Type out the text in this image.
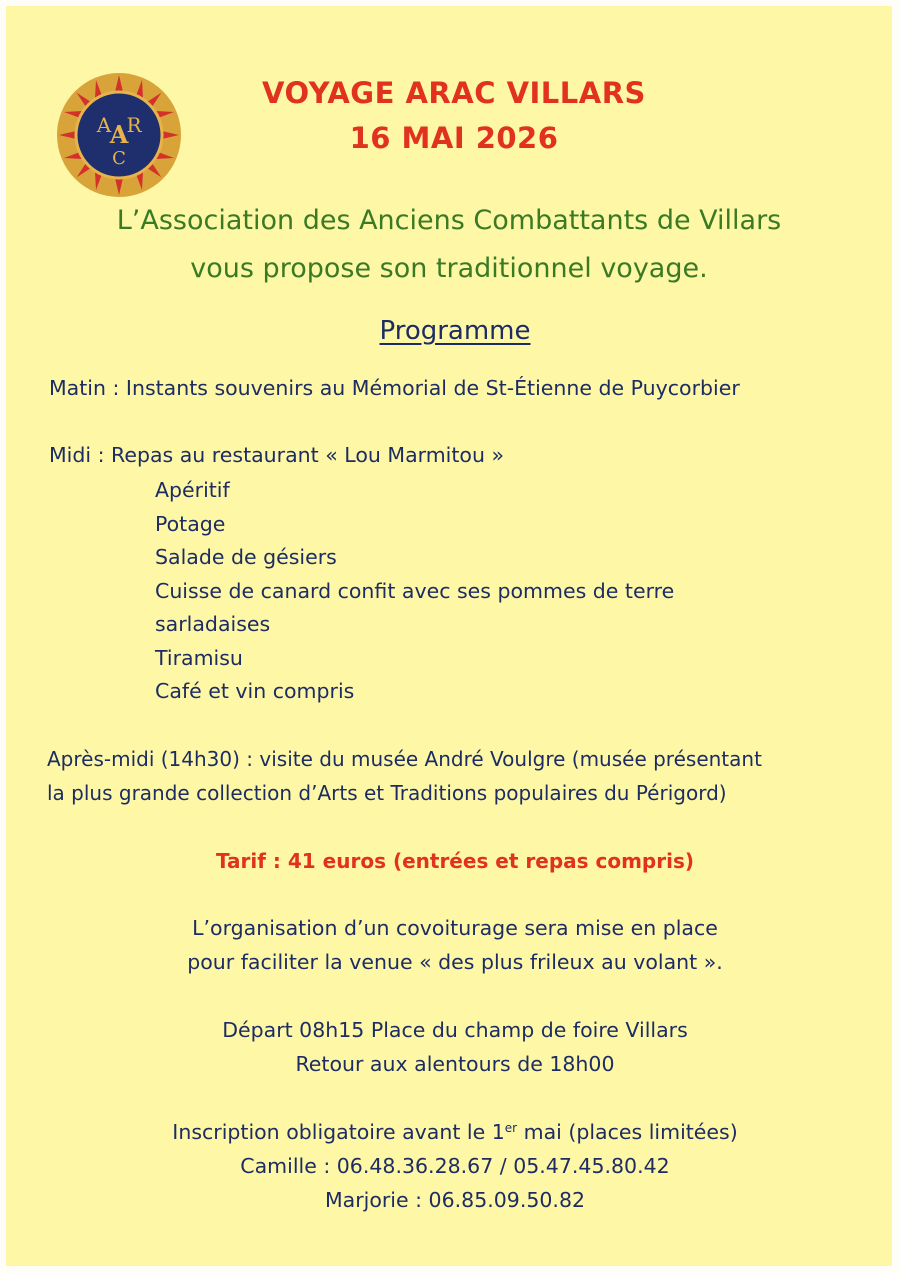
A
A R
C
VOYAGE ARAC VILLARS
16 MAI 2026
L’Association des Anciens Combattants de Villars
vous propose son traditionnel voyage.
Programme
Matin : Instants souvenirs au Mémorial de St-Étienne de Puycorbier
Midi : Repas au restaurant « Lou Marmitou »
Apéritif
Potage
Salade de gésiers
Cuisse de canard confit avec ses pommes de terre
sarladaises
Tiramisu
Café et vin compris
Après-midi (14h30) : visite du musée André Voulgre (musée présentant
la plus grande collection d’Arts et Traditions populaires du Périgord)
Tarif : 41 euros (entrées et repas compris)
L’organisation d’un covoiturage sera mise en place
pour faciliter la venue « des plus frileux au volant ».
Départ 08h15 Place du champ de foire Villars
Retour aux alentours de 18h00
Inscription obligatoire avant le 1er mai (places limitées)
Camille : 06.48.36.28.67 / 05.47.45.80.42
Marjorie : 06.85.09.50.82
